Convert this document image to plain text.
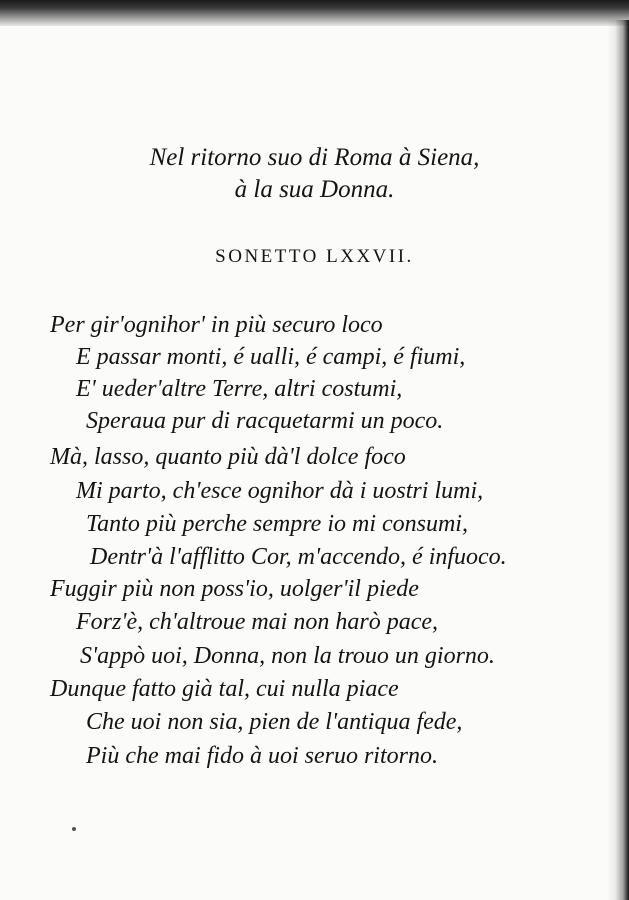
Nel ritorno suo di Roma à Siena,
à la sua Donna.
SONETTO LXXVII.
Per gir'ognihor' in più securo loco
E passar monti, é ualli, é campi, é fiumi,
E' ueder'altre Terre, altri costumi,
Speraua pur di racquetarmi un poco.
Mà, lasso, quanto più dà'l dolce foco
Mi parto, ch'esce ognihor dà i uostri lumi,
Tanto più perche sempre io mi consumi,
Dentr'à l'afflitto Cor, m'accendo, é infuoco.
Fuggir più non poss'io, uolger'il piede
Forz'è, ch'altroue mai non harò pace,
S'appò uoi, Donna, non la trouo un giorno.
Dunque fatto già tal, cui nulla piace
Che uoi non sia, pien de l'antiqua fede,
Più che mai fido à uoi seruo ritorno.
